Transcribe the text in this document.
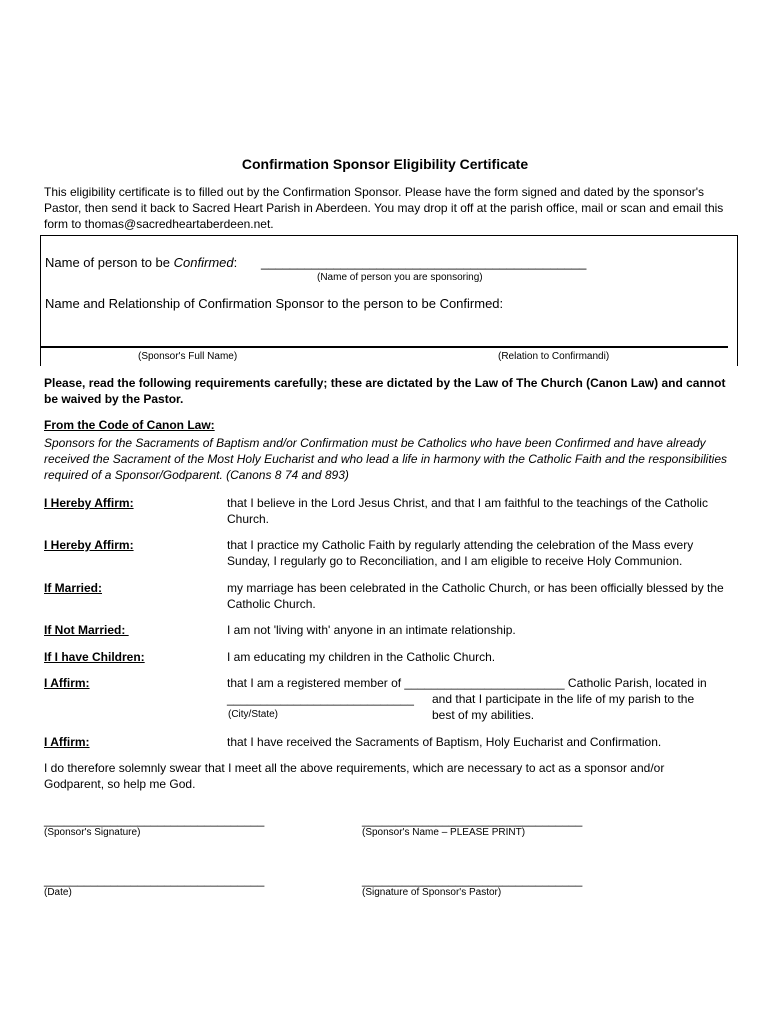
Confirmation Sponsor Eligibility Certificate
This eligibility certificate is to filled out by the Confirmation Sponsor. Please have the form signed and dated by the sponsor's Pastor, then send it back to Sacred Heart Parish in Aberdeen. You may drop it off at the parish office, mail or scan and email this form to thomas@sacredheartaberdeen.net.
Name of person to be Confirmed: _____________________________________________
(Name of person you are sponsoring)
Name and Relationship of Confirmation Sponsor to the person to be Confirmed:
(Sponsor's Full Name)	(Relation to Confirmandi)
Please, read the following requirements carefully; these are dictated by the Law of The Church (Canon Law) and cannot be waived by the Pastor.
From the Code of Canon Law:
Sponsors for the Sacraments of Baptism and/or Confirmation must be Catholics who have been Confirmed and have already received the Sacrament of the Most Holy Eucharist and who lead a life in harmony with the Catholic Faith and the responsibilities required of a Sponsor/Godparent. (Canons 8 74 and 893)
I Hereby Affirm:	that I believe in the Lord Jesus Christ, and that I am faithful to the teachings of the Catholic Church.
I Hereby Affirm:	that I practice my Catholic Faith by regularly attending the celebration of the Mass every Sunday, I regularly go to Reconciliation, and I am eligible to receive Holy Communion.
If Married:	my marriage has been celebrated in the Catholic Church, or has been officially blessed by the Catholic Church.
If Not Married:	I am not 'living with' anyone in an intimate relationship.
If I have Children:	I am educating my children in the Catholic Church.
I Affirm:	that I am a registered member of ________________________ Catholic Parish, located in
____________________________ and that I participate in the life of my parish to the
(City/State)	best of my abilities.
I Affirm:	that I have received the Sacraments of Baptism, Holy Eucharist and Confirmation.
I do therefore solemnly swear that I meet all the above requirements, which are necessary to act as a sponsor and/or Godparent, so help me God.
_________________________________
(Sponsor's Signature)
_________________________________
(Sponsor's Name – PLEASE PRINT)
_________________________________
(Date)
_________________________________
(Signature of Sponsor's Pastor)
